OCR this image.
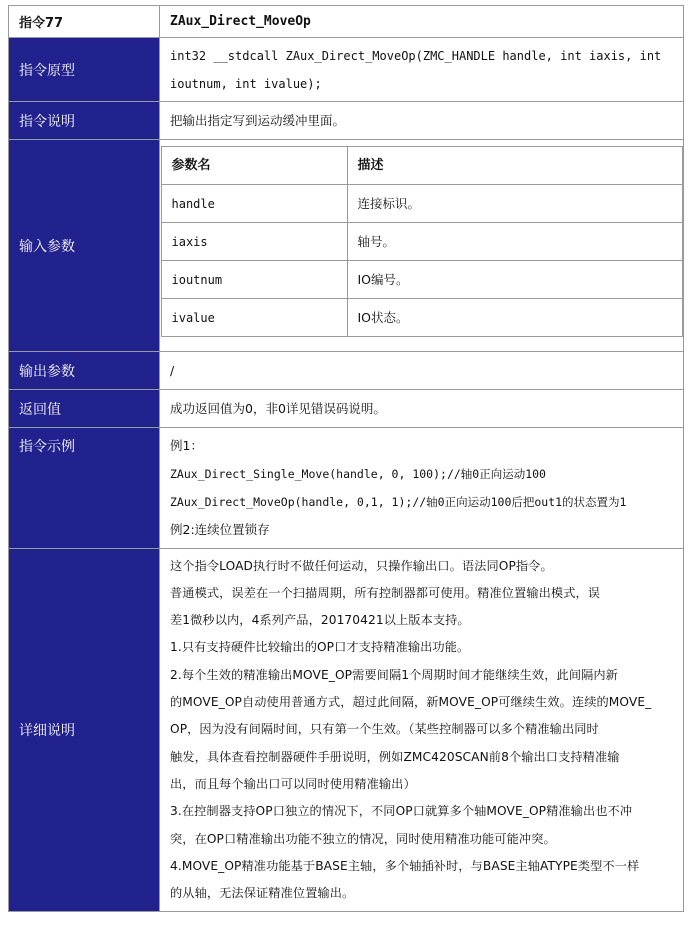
指令77	ZAux_Direct_MoveOp
指令原型	

int32 __stdcall ZAux_Direct_MoveOp(ZMC_HANDLE handle, int iaxis, int

ioutnum, int ivalue);

指令说明	把输出指定写到运动缓冲里面。
输入参数	
参数名	描述
handle	连接标识。
iaxis	轴号。
ioutnum	IO编号。
ivalue	IO状态。

输出参数	/
返回值	成功返回值为0，非0详见错误码说明。
指令示例	例1：

ZAux_Direct_Single_Move(handle, 0, 100);//轴0正向运动100

ZAux_Direct_MoveOp(handle, 0,1, 1);//轴0正向运动100后把out1的状态置为1

例2:连续位置锁存

详细说明	

这个指令LOAD执行时不做任何运动，只操作输出口。语法同OP指令。

普通模式，误差在一个扫描周期，所有控制器都可使用。精准位置输出模式，误

差1微秒以内，4系列产品，20170421以上版本支持。

1.只有支持硬件比较输出的OP口才支持精准输出功能。

2.每个生效的精准输出MOVE_OP需要间隔1个周期时间才能继续生效，此间隔内新

的MOVE_OP自动使用普通方式，超过此间隔，新MOVE_OP可继续生效。连续的MOVE_

OP，因为没有间隔时间，只有第一个生效。（某些控制器可以多个精准输出同时

触发，具体查看控制器硬件手册说明，例如ZMC420SCAN前8个输出口支持精准输

出，而且每个输出口可以同时使用精准输出）

3.在控制器支持OP口独立的情况下，不同OP口就算多个轴MOVE_OP精准输出也不冲

突，在OP口精准输出功能不独立的情况，同时使用精准功能可能冲突。

4.MOVE_OP精准功能基于BASE主轴，多个轴插补时，与BASE主轴ATYPE类型不一样

的从轴，无法保证精准位置输出。
